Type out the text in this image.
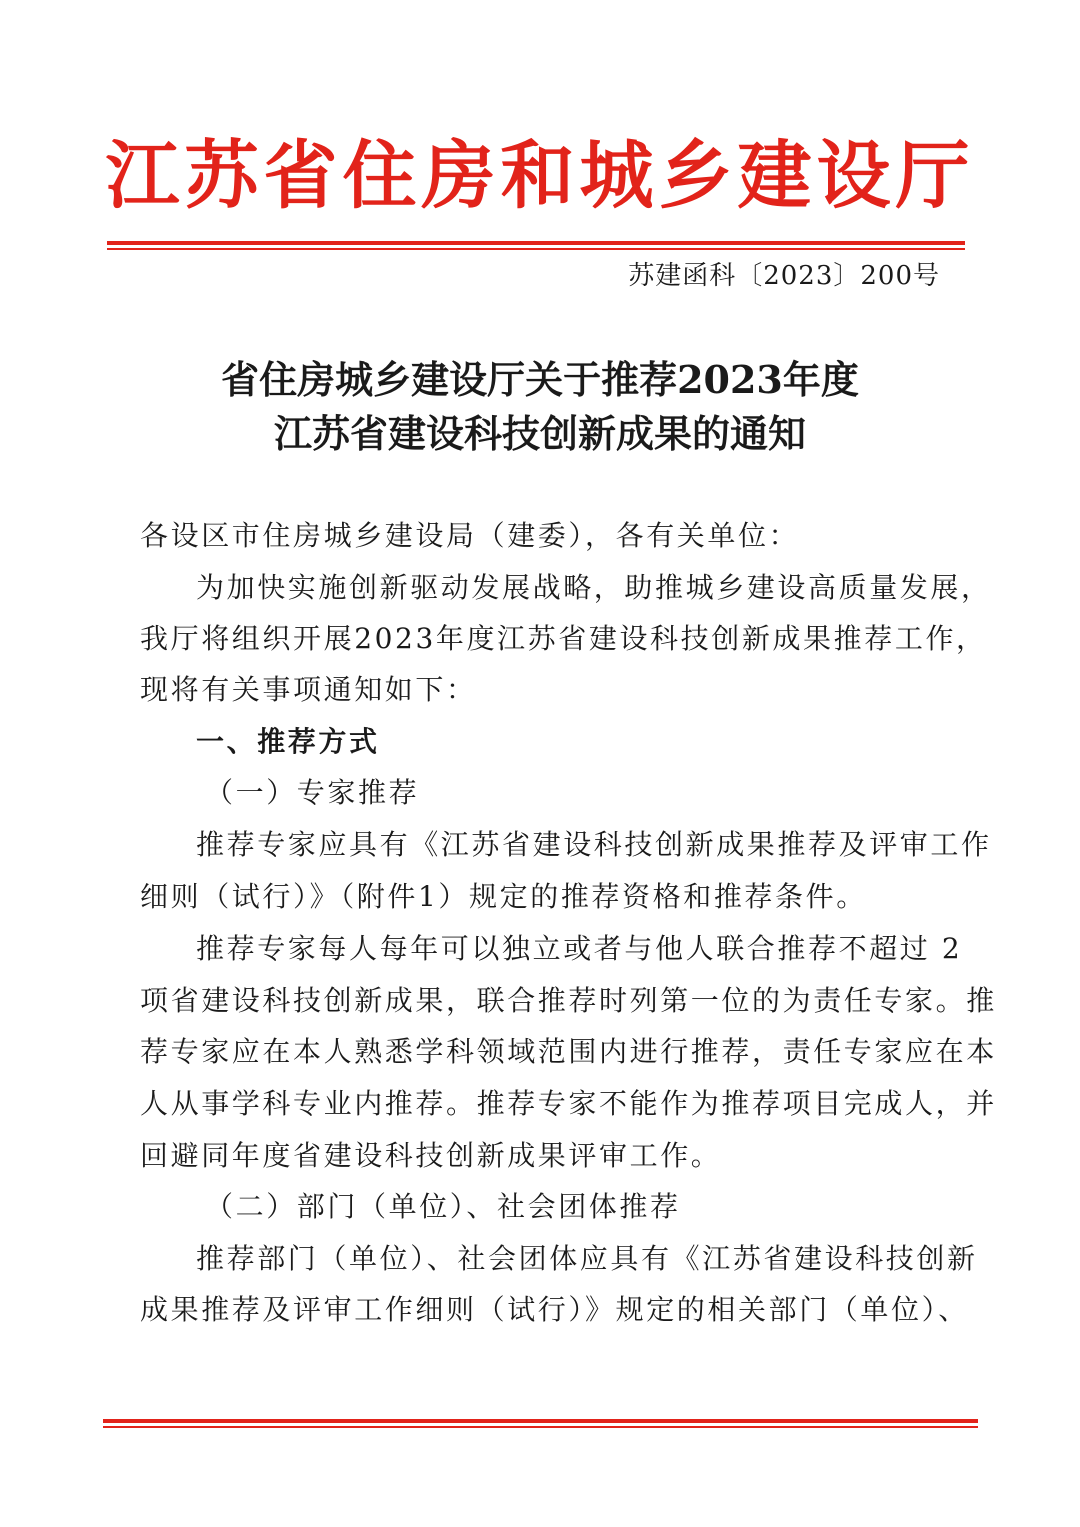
江苏省住房和城乡建设厅
苏建函科〔2023〕200号
省住房城乡建设厅关于推荐2023年度
江苏省建设科技创新成果的通知
各设区市住房城乡建设局（建委），各有关单位：
为加快实施创新驱动发展战略，助推城乡建设高质量发展，
我厅将组织开展2023年度江苏省建设科技创新成果推荐工作，
现将有关事项通知如下：
一、推荐方式
（一）专家推荐
推荐专家应具有《江苏省建设科技创新成果推荐及评审工作
细则（试行）》（附件1）规定的推荐资格和推荐条件。
推荐专家每人每年可以独立或者与他人联合推荐不超过 2
项省建设科技创新成果，联合推荐时列第一位的为责任专家。推
荐专家应在本人熟悉学科领域范围内进行推荐，责任专家应在本
人从事学科专业内推荐。推荐专家不能作为推荐项目完成人，并
回避同年度省建设科技创新成果评审工作。
（二）部门（单位）、社会团体推荐
推荐部门（单位）、社会团体应具有《江苏省建设科技创新
成果推荐及评审工作细则（试行）》规定的相关部门（单位）、
